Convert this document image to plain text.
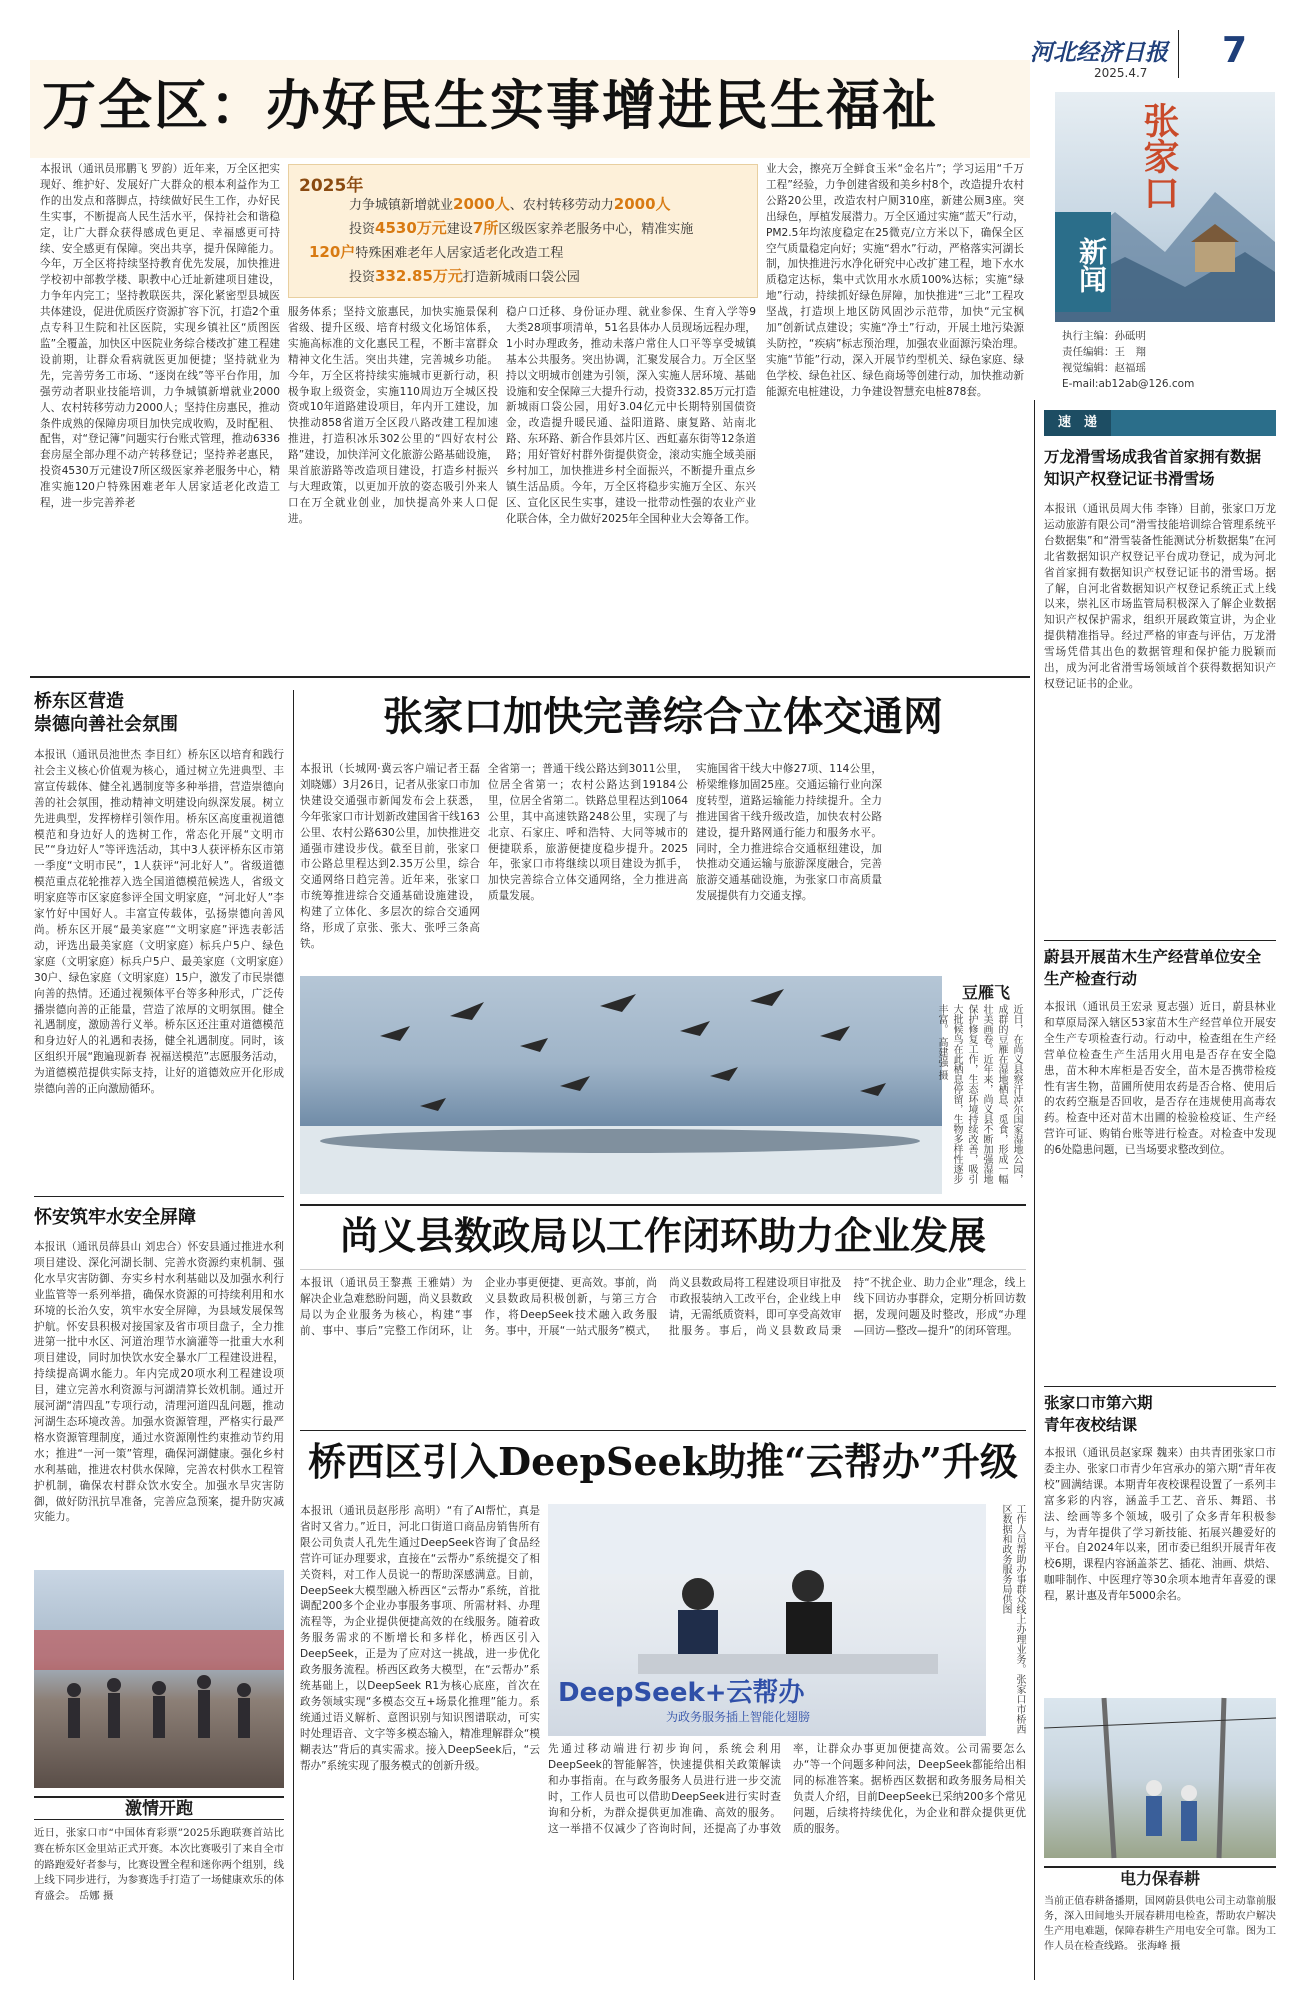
河北经济日报
2025.4.7
7
张家口
新闻
执行主编：孙砥明
责任编辑：王　翔
视觉编辑：赵福瑶
E-mail:ab12ab@126.com
万全区：办好民生实事增进民生福祉
2025年
力争城镇新增就业2000人、农村转移劳动力2000人
投资4530万元建设7所区级医家养老服务中心，精准实施
120户特殊困难老年人居家适老化改造工程
投资332.85万元打造新城雨口袋公园
本报讯（通讯员邢鹏飞 罗韵）近年来，万全区把实现好、维护好、发展好广大群众的根本利益作为工作的出发点和落脚点，持续做好民生工作，办好民生实事，不断提高人民生活水平，保持社会和谐稳定，让广大群众获得感成色更足、幸福感更可持续、安全感更有保障。突出共享，提升保障能力。今年，万全区将持续坚持教育优先发展，加快推进学校初中部教学楼、职教中心迁址新建项目建设，力争年内完工；坚持教联医共，深化紧密型县城医共体建设，促进优质医疗资源扩容下沉，打造2个重点专科卫生院和社区医院，实现乡镇社区“质图医监”全覆盖，加快区中医院业务综合楼改扩建工程建设前期，让群众看病就医更加便捷；坚持就业为先，完善劳务工市场、“逐岗在线”等平台作用，加强劳动者职业技能培训，力争城镇新增就业2000人、农村转移劳动力2000人；坚持住房惠民，推动条件成熟的保障房项目加快完成收购，及时配租、配售，对“登记簿”问题实行台账式管理，推动6336套房屋全部办理不动产转移登记；坚持养老惠民，投资4530万元建设7所区级医家养老服务中心，精准实施120户特殊困难老年人居家适老化改造工程，进一步完善养老
服务体系；坚持文旅惠民，加快实施景保利省级、提升区级、培育村级文化场馆体系，实施高标准的文化惠民工程，不断丰富群众精神文化生活。突出共建，完善城乡功能。今年，万全区将持续实施城市更新行动，积极争取上级资金，实施110周边万全城区投资或10年道路建设项目，年内开工建设，加快推动858省道万全区段八路改建工程加速推进，打造积冰乐302公里的“四好农村公路”建设，加快洋河文化旅游公路基础设施，果首旅游路等改造项目建设，打造乡村振兴与大理政策，以更加开放的姿态吸引外来人口在万全就业创业，加快提高外来人口促进。
稳户口迁移、身份证办理、就业参保、生育入学等9大类28项事项清单，51名县体办人员现场远程办理，1小时办理政务，推动未落户常住人口平等享受城镇基本公共服务。突出协调，汇聚发展合力。万全区坚持以文明城市创建为引领，深入实施人居环境、基础设施和安全保障三大提升行动，投资332.85万元打造新城雨口袋公园，用好3.04亿元中长期特别国债资金，改造提升暖民通、益阳道路、康复路、站南北路、东环路、新合作县郊片区、西虹嘉东街等12条道路；用好管好村群外街提供资金，滚动实施全域美丽乡村加工，加快推进乡村全面振兴，不断提升重点乡镇生活品质。今年，万全区将稳步实施万全区、东兴区、宣化区民生实事，建设一批带动性强的农业产业化联合体，全力做好2025年全国种业大会筹备工作。
业大会，擦亮万全鲜食玉米“金名片”；学习运用“千万工程”经验，力争创建省级和美乡村8个，改造提升农村公路20公里，改造农村户厕310座，新建公厕3座。突出绿色，厚植发展潜力。万全区通过实施“蓝天”行动，PM2.5年均浓度稳定在25微克/立方米以下，确保全区空气质量稳定向好；实施“碧水”行动，严格落实河湖长制，加快推进污水净化研究中心改扩建工程，地下水水质稳定达标，集中式饮用水水质100%达标；实施“绿地”行动，持续抓好绿色屏障，加快推进“三北”工程攻坚战，打造坝上地区防风固沙示范带，加快“元宝枫加”创新试点建设；实施“净土”行动，开展土地污染源头防控，“疾病”标志预治理，加强农业面源污染治理。实施“节能”行动，深入开展节约型机关、绿色家庭、绿色学校、绿色社区、绿色商场等创建行动，加快推动新能源充电桩建设，力争建设智慧充电桩878套。
桥东区营造
崇德向善社会氛围
本报讯（通讯员池世杰 李目红）桥东区以培育和践行社会主义核心价值观为核心，通过树立先进典型、丰富宣传载体、健全礼遇制度等多种举措，营造崇德向善的社会氛围，推动精神文明建设向纵深发展。树立先进典型，发挥榜样引领作用。桥东区高度重视道德模范和身边好人的选树工作，常态化开展“文明市民”“身边好人”等评选活动，其中3人获评桥东区市第一季度“文明市民”，1人获评“河北好人”。省级道德模范重点花轮推荐入选全国道德模范候选人，省级文明家庭等市区家庭参评全国文明家庭，“河北好人”李家竹好中国好人。丰富宣传载体，弘扬崇德向善风尚。桥东区开展“最美家庭”“文明家庭”评选表彰活动，评选出最美家庭（文明家庭）标兵户5户、绿色家庭（文明家庭）标兵户5户、最美家庭（文明家庭）30户、绿色家庭（文明家庭）15户，激发了市民崇德向善的热情。还通过视频体平台等多种形式，广泛传播崇德向善的正能量，营造了浓厚的文明氛围。健全礼遇制度，激励善行义举。桥东区还注重对道德模范和身边好人的礼遇和表扬，健全礼遇制度。同时，该区组织开展“跑遍现新春 祝福送模范”志愿服务活动，为道德模范提供实际支持，让好的道德效应开化形成崇德向善的正向激励循环。
怀安筑牢水安全屏障
本报讯（通讯员薛县山 刘忠合）怀安县通过推进水利项目建设、深化河湖长制、完善水资源约束机制、强化水旱灾害防御、夯实乡村水利基础以及加强水利行业监管等一系列举措，确保水资源的可持续利用和水环境的长治久安，筑牢水安全屏障，为县域发展保驾护航。怀安县积极对接国家及省市项目盘子，全力推进第一批中水区、河道治理节水滴灌等一批重大水利项目建设，同时加快饮水安全暴水厂工程建设进程，持续提高调水能力。年内完成20项水利工程建设项目，建立完善水利资源与河湖清算长效机制。通过开展河湖“清四乱”专项行动，清理河道四乱问题，推动河湖生态环境改善。加强水资源管理，严格实行最严格水资源管理制度，通过水资源刚性约束推动节约用水；推进“一河一策”管理，确保河湖健康。强化乡村水利基础，推进农村供水保障，完善农村供水工程管护机制，确保农村群众饮水安全。加强水旱灾害防御，做好防汛抗旱准备，完善应急预案，提升防灾减灾能力。
激情开跑
近日，张家口市“中国体育彩票”2025乐跑联赛首站比赛在桥东区金里站正式开赛。本次比赛吸引了来自全市的路跑爱好者参与，比赛设置全程和迷你两个组别，线上线下同步进行，为参赛选手打造了一场健康欢乐的体育盛会。 岳娜 摄
张家口加快完善综合立体交通网
本报讯（长城网·冀云客户端记者王磊 刘晓娜）3月26日，记者从张家口市加快建设交通强市新闻发布会上获悉，今年张家口市计划新改建国省干线163公里、农村公路630公里，加快推进交通强市建设步伐。截至目前，张家口市公路总里程达到2.35万公里，综合交通网络日趋完善。近年来，张家口市统筹推进综合交通基础设施建设，构建了立体化、多层次的综合交通网络，形成了京张、张大、张呼三条高铁。
全省第一；普通干线公路达到3011公里，位居全省第一；农村公路达到19184公里，位居全省第二。铁路总里程达到1064公里，其中高速铁路248公里，实现了与北京、石家庄、呼和浩特、大同等城市的便捷联系，旅游便捷度稳步提升。2025年，张家口市将继续以项目建设为抓手，加快完善综合立体交通网络，全力推进高质量发展。
实施国省干线大中修27项、114公里，桥梁维修加固25座。交通运输行业向深度转型，道路运输能力持续提升。全力推进国省干线升级改造，加快农村公路建设，提升路网通行能力和服务水平。同时，全力推进综合交通枢纽建设，加快推动交通运输与旅游深度融合，完善旅游交通基础设施，为张家口市高质量发展提供有力交通支撑。
豆雁飞
近日，在尚义县察汗淖尔国家湿地公园，成群的豆雁在湿地栖息、觅食，形成一幅壮美画卷。近年来，尚义县不断加强湿地保护修复工作，生态环境持续改善，吸引大批候鸟在此栖息停留，生物多样性逐步丰富。 高建强 摄
尚义县数政局以工作闭环助力企业发展
本报讯（通讯员王黎燕 王雅婧）为解决企业急难愁盼问题，尚义县数政局以为企业服务为核心，构建“事前、事中、事后”完整工作闭环，让企业办事更便捷、更高效。事前，尚义县数政局积极创新，与第三方合作，将DeepSeek技术融入政务服务。事中，开展“一站式服务”模式，尚义县数政局将工程建设项目审批及市政报装纳入工改平台，企业线上申请，无需纸质资料，即可享受高效审批服务。事后，尚义县数政局秉持“不扰企业、助力企业”理念，线上线下回访办事群众，定期分析回访数据，发现问题及时整改，形成“办理—回访—整改—提升”的闭环管理。
桥西区引入DeepSeek助推“云帮办”升级
本报讯（通讯员赵彤彤 高明）“有了AI帮忙，真是省时又省力。”近日，河北口街道口商品房销售所有限公司负责人孔先生通过DeepSeek咨询了食品经营许可证办理要求，直接在“云帮办”系统提交了相关资料，对工作人员说一的帮助深感满意。目前，DeepSeek大模型融入桥西区“云帮办”系统，首批调配200多个企业办事服务事项、所需材料、办理流程等，为企业提供便捷高效的在线服务。随着政务服务需求的不断增长和多样化，桥西区引入DeepSeek，正是为了应对这一挑战，进一步优化政务服务流程。桥西区政务大模型，在“云帮办”系统基础上，以DeepSeek R1为核心底座，首次在政务领域实现“多模态交互+场景化推理”能力。系统通过语义解析、意图识别与知识图谱联动，可实时处理语音、文字等多模态输入，精准理解群众“模糊表达”背后的真实需求。接入DeepSeek后，“云帮办”系统实现了服务模式的创新升级。
DeepSeek+云帮办
为政务服务插上智能化翅膀	工作人员帮助办事群众线上办理业务。张家口市桥西区数据和政务服务局供图
先通过移动端进行初步询问，系统会利用DeepSeek的智能解答，快速提供相关政策解读和办事指南。在与政务服务人员进行进一步交流时，工作人员也可以借助DeepSeek进行实时查询和分析，为群众提供更加准确、高效的服务。这一举措不仅减少了咨询时间，还提高了办事效率，让群众办事更加便捷高效。公司需要怎么办“等一个问题多种问法，DeepSeek都能给出相同的标准答案。据桥西区数据和政务服务局相关负责人介绍，目前DeepSeek已采纳200多个常见问题，后续将持续优化，为企业和群众提供更优质的服务。
速　递
万龙滑雪场成我省首家拥有数据知识产权登记证书滑雪场
本报讯（通讯员周大伟 李锋）目前，张家口万龙运动旅游有限公司“滑雪技能培训综合管理系统平台数据集”和“滑雪装备性能测试分析数据集”在河北省数据知识产权登记平台成功登记，成为河北省首家拥有数据知识产权登记证书的滑雪场。据了解，自河北省数据知识产权登记系统正式上线以来，崇礼区市场监管局积极深入了解企业数据知识产权保护需求，组织开展政策宣讲，为企业提供精准指导。经过严格的审查与评估，万龙滑雪场凭借其出色的数据管理和保护能力脱颖而出，成为河北省滑雪场领域首个获得数据知识产权登记证书的企业。
蔚县开展苗木生产经营单位安全生产检查行动
本报讯（通讯员王宏录 夏志强）近日，蔚县林业和草原局深入辖区53家苗木生产经营单位开展安全生产专项检查行动。行动中，检查组在生产经营单位检查生产生活用火用电是否存在安全隐患，苗木种木库柜是否安全，苗木是否携带检疫性有害生物，苗圃所使用农药是否合格、使用后的农药空瓶是否回收，是否存在违规使用高毒农药。检查中还对苗木出圃的检验检疫证、生产经营许可证、购销台账等进行检查。对检查中发现的6处隐患问题，已当场要求整改到位。
张家口市第六期
青年夜校结课
本报讯（通讯员赵家琛 魏来）由共青团张家口市委主办、张家口市青少年宫承办的第六期“青年夜校”圆满结课。本期青年夜校课程设置了一系列丰富多彩的内容，涵盖手工艺、音乐、舞蹈、书法、绘画等多个领域，吸引了众多青年积极参与，为青年提供了学习新技能、拓展兴趣爱好的平台。自2024年以来，团市委已组织开展青年夜校6期，课程内容涵盖茶艺、插花、油画、烘焙、咖啡制作、中医理疗等30余项本地青年喜爱的课程，累计惠及青年5000余名。
电力保春耕
当前正值春耕备播期，国网蔚县供电公司主动靠前服务，深入田间地头开展春耕用电检查，帮助农户解决生产用电难题，保障春耕生产用电安全可靠。图为工作人员在检查线路。 张海峰 摄
